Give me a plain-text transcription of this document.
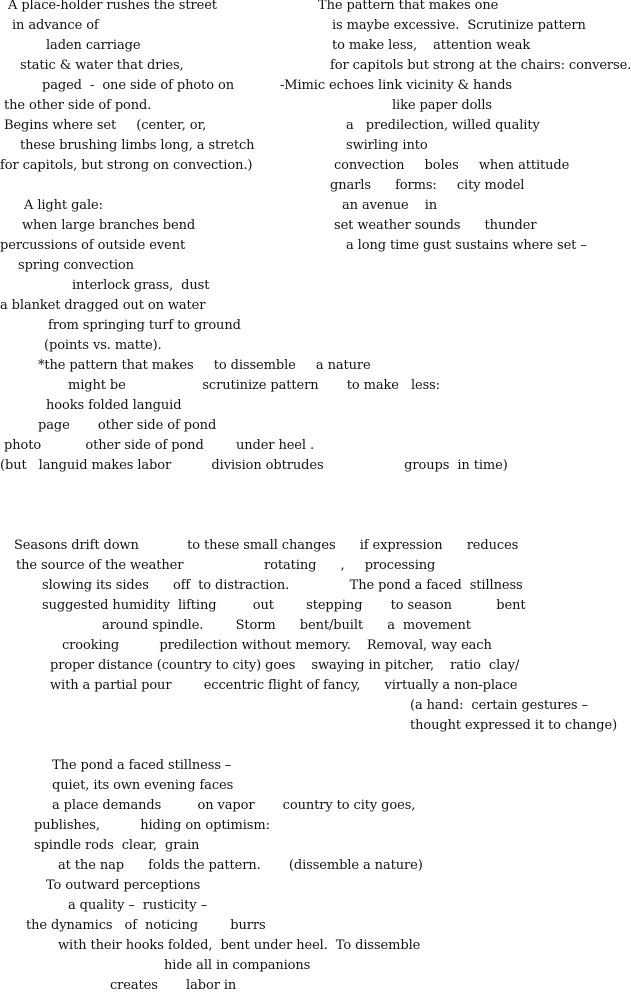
A place-holder rushes the street
in advance of
laden carriage
static & water that dries,
paged  -  one side of photo on
the other side of pond.
Begins where set     (center, or,
these brushing limbs long, a stretch
for capitols, but strong on convection.)
A light gale:
when large branches bend
percussions of outside event
spring convection
interlock grass,  dust
a blanket dragged out on water
from springing turf to ground
(points vs. matte).
*the pattern that makes     to dissemble     a nature
might be                   scrutinize pattern       to make   less:
hooks folded languid
page       other side of pond
photo           other side of pond        under heel .
(but   languid makes labor          division obtrudes                    groups  in time)
The pattern that makes one
is maybe excessive.  Scrutinize pattern
to make less,    attention weak
for capitols but strong at the chairs: converse.
-Mimic echoes link vicinity & hands
like paper dolls
a   predilection, willed quality
swirling into
convection     boles     when attitude
gnarls      forms:     city model
an avenue    in
set weather sounds      thunder
a long time gust sustains where set –
Seasons drift down            to these small changes      if expression      reduces
the source of the weather                    rotating      ,     processing
slowing its sides      off  to distraction.               The pond a faced  stillness
suggested humidity  lifting         out        stepping       to season           bent
around spindle.        Storm      bent/built      a  movement
crooking          predilection without memory.    Removal, way each
proper distance (country to city) goes    swaying in pitcher,    ratio  clay/
with a partial pour        eccentric flight of fancy,      virtually a non-place
(a hand:  certain gestures –
thought expressed it to change)
The pond a faced stillness –
quiet, its own evening faces
a place demands         on vapor       country to city goes,
publishes,          hiding on optimism:
spindle rods  clear,  grain
at the nap      folds the pattern.       (dissemble a nature)
To outward perceptions
a quality –  rusticity –
the dynamics   of  noticing        burrs
with their hooks folded,  bent under heel.  To dissemble
hide all in companions
creates       labor in
